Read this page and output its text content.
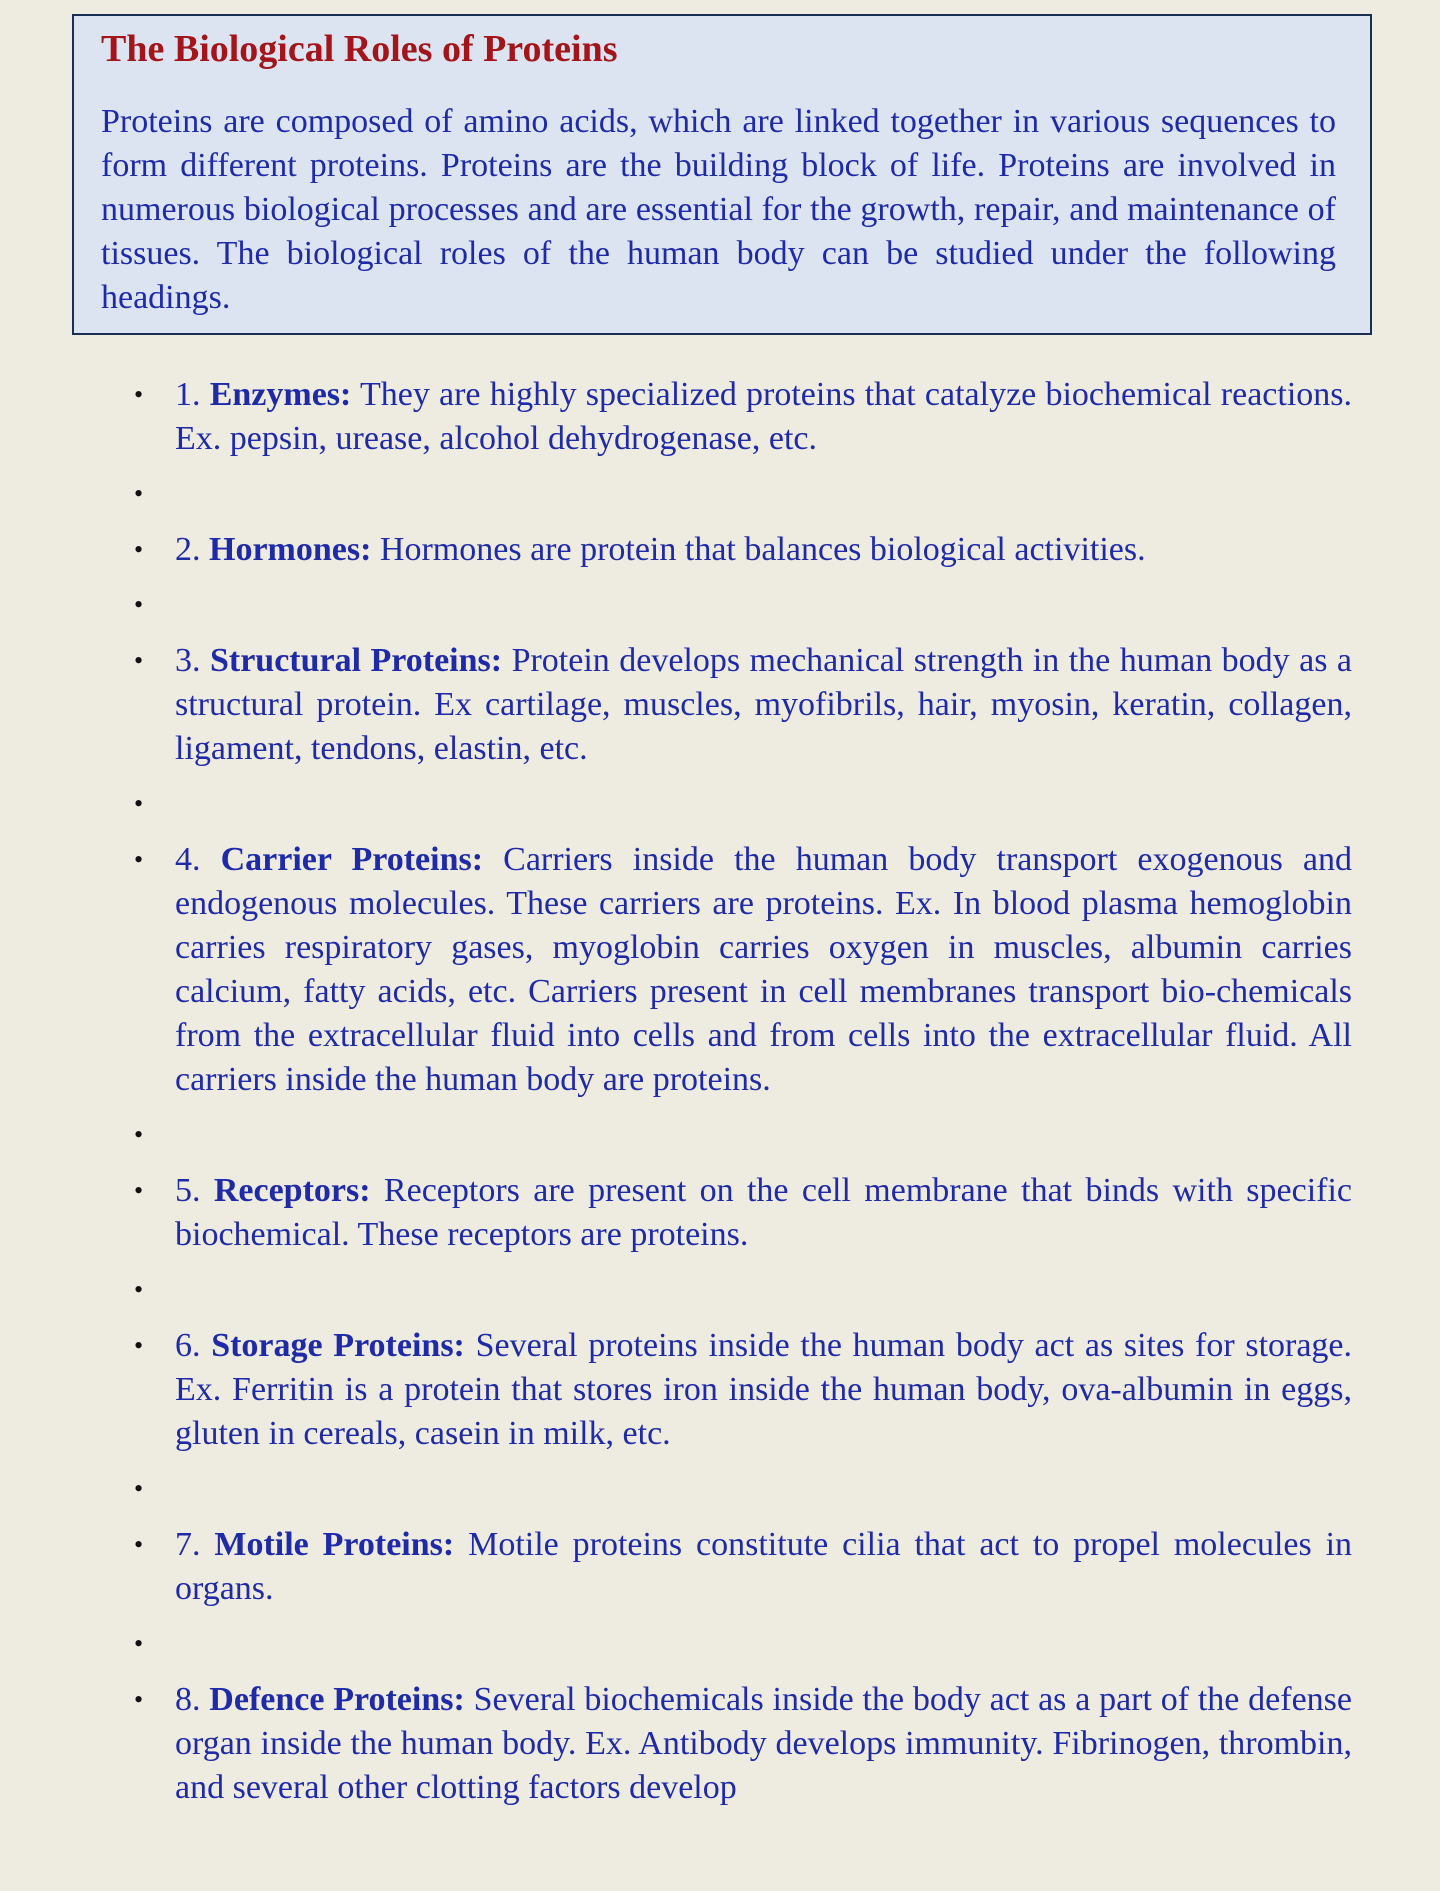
The Biological Roles of Proteins

Proteins are composed of amino acids, which are linked together in various sequences to form different proteins. Proteins are the building block of life. Proteins are involved in numerous biological processes and are essential for the growth, repair, and maintenance of tissues. The biological roles of the human body can be studied under the following headings.

• 1. Enzymes: They are highly specialized proteins that catalyze biochemical reactions. Ex. pepsin, urease, alcohol dehydrogenase, etc.
•
• 2. Hormones: Hormones are protein that balances biological activities.
•
• 3. Structural Proteins: Protein develops mechanical strength in the human body as a structural protein. Ex cartilage, muscles, myofibrils, hair, myosin, keratin, collagen, ligament, tendons, elastin, etc.
•
• 4. Carrier Proteins: Carriers inside the human body transport exogenous and endogenous molecules. These carriers are proteins. Ex. In blood plasma hemoglobin carries respiratory gases, myoglobin carries oxygen in muscles, albumin carries calcium, fatty acids, etc. Carriers present in cell membranes transport bio-chemicals from the extracellular fluid into cells and from cells into the extracellular fluid. All carriers inside the human body are proteins.
•
• 5. Receptors: Receptors are present on the cell membrane that binds with specific biochemical. These receptors are proteins.
•
• 6. Storage Proteins: Several proteins inside the human body act as sites for storage. Ex. Ferritin is a protein that stores iron inside the human body, ova-albumin in eggs, gluten in cereals, casein in milk, etc.
•
• 7. Motile Proteins: Motile proteins constitute cilia that act to propel molecules in organs.
•
• 8. Defence Proteins: Several biochemicals inside the body act as a part of the defense organ inside the human body. Ex. Antibody develops immunity. Fibrinogen, thrombin, and several other clotting factors develop
